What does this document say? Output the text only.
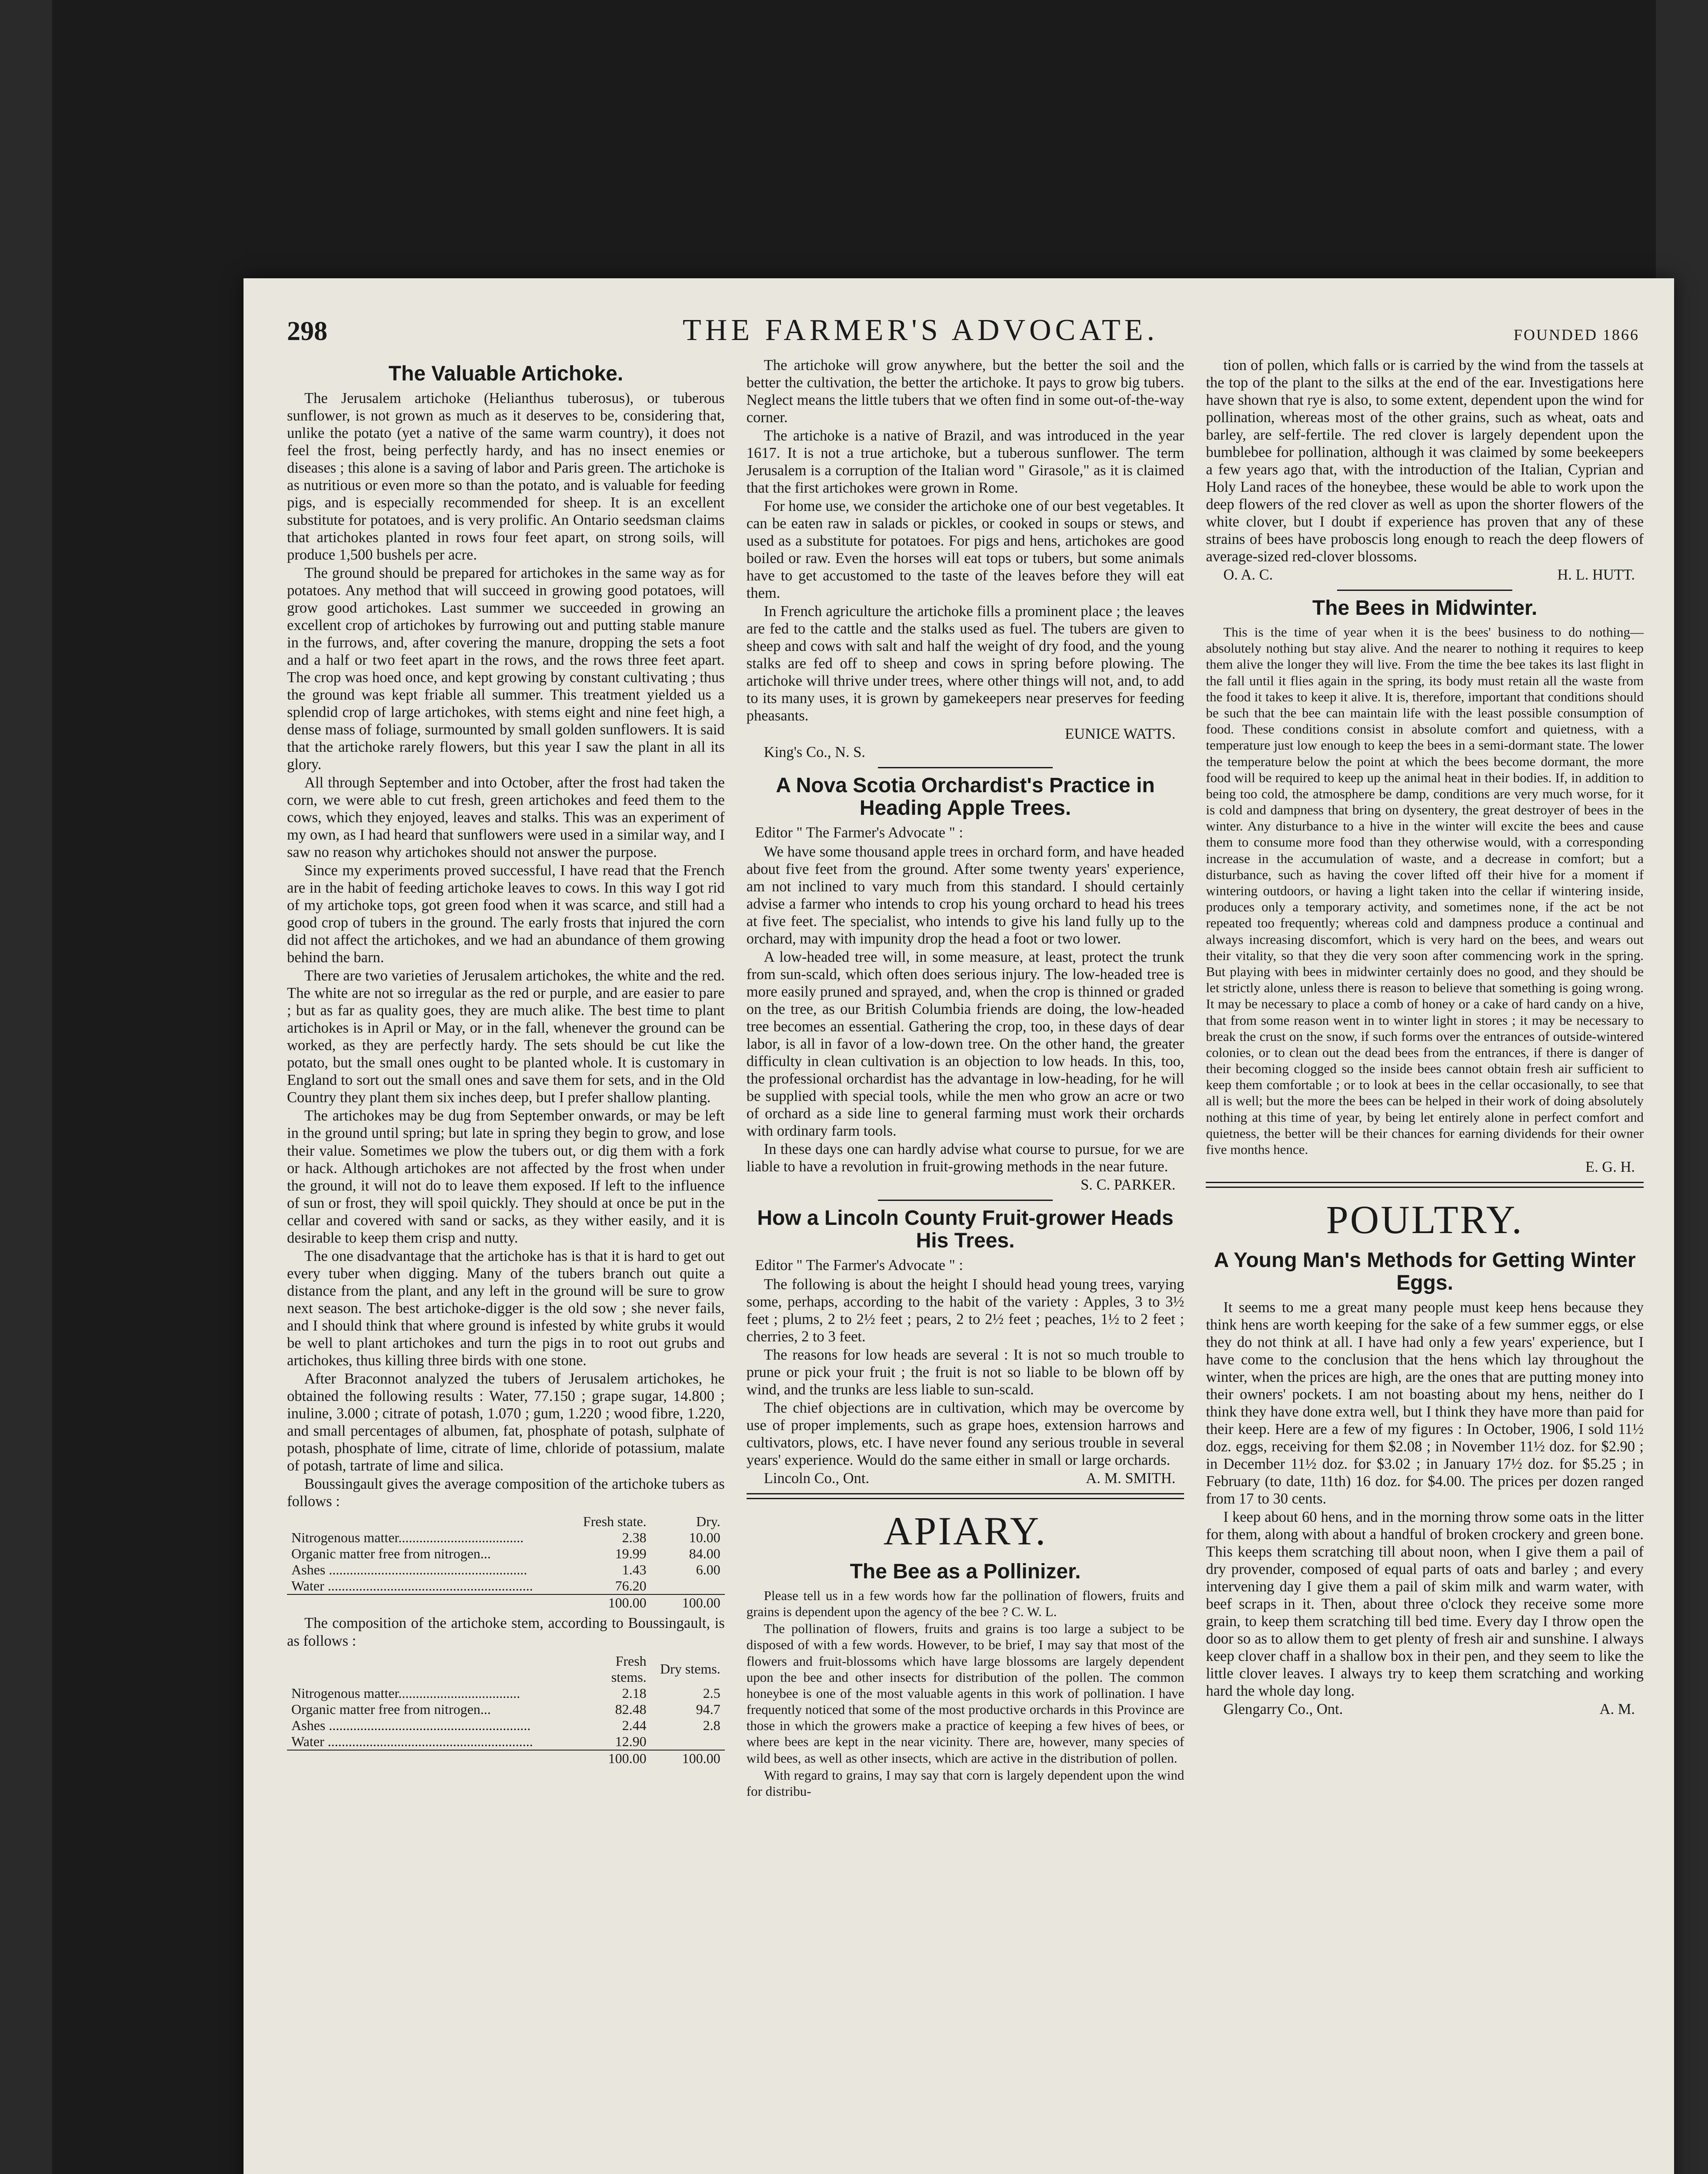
298	THE FARMER'S ADVOCATE.	FOUNDED 1866
The Valuable Artichoke.

The Jerusalem artichoke (Helianthus tuberosus), or tuberous sunflower, is not grown as much as it deserves to be, considering that, unlike the potato (yet a native of the same warm country), it does not feel the frost, being perfectly hardy, and has no insect enemies or diseases ; this alone is a saving of labor and Paris green. The artichoke is as nutritious or even more so than the potato, and is valuable for feeding pigs, and is especially recommended for sheep. It is an excellent substitute for potatoes, and is very prolific. An Ontario seedsman claims that artichokes planted in rows four feet apart, on strong soils, will produce 1,500 bushels per acre.

The ground should be prepared for artichokes in the same way as for potatoes. Any method that will succeed in growing good potatoes, will grow good artichokes. Last summer we succeeded in growing an excellent crop of artichokes by furrowing out and putting stable manure in the furrows, and, after covering the manure, dropping the sets a foot and a half or two feet apart in the rows, and the rows three feet apart. The crop was hoed once, and kept growing by constant cultivating ; thus the ground was kept friable all summer. This treatment yielded us a splendid crop of large artichokes, with stems eight and nine feet high, a dense mass of foliage, surmounted by small golden sunflowers. It is said that the artichoke rarely flowers, but this year I saw the plant in all its glory.

All through September and into October, after the frost had taken the corn, we were able to cut fresh, green artichokes and feed them to the cows, which they enjoyed, leaves and stalks. This was an experiment of my own, as I had heard that sunflowers were used in a similar way, and I saw no reason why artichokes should not answer the purpose.

Since my experiments proved successful, I have read that the French are in the habit of feeding artichoke leaves to cows. In this way I got rid of my artichoke tops, got green food when it was scarce, and still had a good crop of tubers in the ground. The early frosts that injured the corn did not affect the artichokes, and we had an abundance of them growing behind the barn.

There are two varieties of Jerusalem artichokes, the white and the red. The white are not so irregular as the red or purple, and are easier to pare ; but as far as quality goes, they are much alike. The best time to plant artichokes is in April or May, or in the fall, whenever the ground can be worked, as they are perfectly hardy. The sets should be cut like the potato, but the small ones ought to be planted whole. It is customary in England to sort out the small ones and save them for sets, and in the Old Country they plant them six inches deep, but I prefer shallow planting.

The artichokes may be dug from September onwards, or may be left in the ground until spring; but late in spring they begin to grow, and lose their value. Sometimes we plow the tubers out, or dig them with a fork or hack. Although artichokes are not affected by the frost when under the ground, it will not do to leave them exposed. If left to the influence of sun or frost, they will spoil quickly. They should at once be put in the cellar and covered with sand or sacks, as they wither easily, and it is desirable to keep them crisp and nutty.

The one disadvantage that the artichoke has is that it is hard to get out every tuber when digging. Many of the tubers branch out quite a distance from the plant, and any left in the ground will be sure to grow next season. The best artichoke-digger is the old sow ; she never fails, and I should think that where ground is infested by white grubs it would be well to plant artichokes and turn the pigs in to root out grubs and artichokes, thus killing three birds with one stone.

After Braconnot analyzed the tubers of Jerusalem artichokes, he obtained the following results : Water, 77.150 ; grape sugar, 14.800 ; inuline, 3.000 ; citrate of potash, 1.070 ; gum, 1.220 ; wood fibre, 1.220, and small percentages of albumen, fat, phosphate of potash, sulphate of potash, phosphate of lime, citrate of lime, chloride of potassium, malate of potash, tartrate of lime and silica.

Boussingault gives the average composition of the artichoke tubers as follows :

	Fresh state.	Dry.
Nitrogenous matter....................................	2.38	10.00
Organic matter free from nitrogen...	19.99	84.00
Ashes .........................................................	1.43	6.00
Water ...........................................................	76.20	
	100.00	100.00

The composition of the artichoke stem, according to Boussingault, is as follows :

	Fresh stems.	Dry stems.
Nitrogenous matter...................................	2.18	2.5
Organic matter free from nitrogen...	82.48	94.7
Ashes ..........................................................	2.44	2.8
Water ...........................................................	12.90	
	100.00	100.00

The artichoke will grow anywhere, but the better the soil and the better the cultivation, the better the artichoke. It pays to grow big tubers. Neglect means the little tubers that we often find in some out-of-the-way corner.

The artichoke is a native of Brazil, and was introduced in the year 1617. It is not a true artichoke, but a tuberous sunflower. The term Jerusalem is a corruption of the Italian word " Girasole," as it is claimed that the first artichokes were grown in Rome.

For home use, we consider the artichoke one of our best vegetables. It can be eaten raw in salads or pickles, or cooked in soups or stews, and used as a substitute for potatoes. For pigs and hens, artichokes are good boiled or raw. Even the horses will eat tops or tubers, but some animals have to get accustomed to the taste of the leaves before they will eat them.

In French agriculture the artichoke fills a prominent place ; the leaves are fed to the cattle and the stalks used as fuel. The tubers are given to sheep and cows with salt and half the weight of dry food, and the young stalks are fed off to sheep and cows in spring before plowing. The artichoke will thrive under trees, where other things will not, and, to add to its many uses, it is grown by gamekeepers near preserves for feeding pheasants.

EUNICE WATTS.
King's Co., N. S.
A Nova Scotia Orchardist's Practice in Heading Apple Trees.
Editor " The Farmer's Advocate " :

We have some thousand apple trees in orchard form, and have headed about five feet from the ground. After some twenty years' experience, am not inclined to vary much from this standard. I should certainly advise a farmer who intends to crop his young orchard to head his trees at five feet. The specialist, who intends to give his land fully up to the orchard, may with impunity drop the head a foot or two lower.

A low-headed tree will, in some measure, at least, protect the trunk from sun-scald, which often does serious injury. The low-headed tree is more easily pruned and sprayed, and, when the crop is thinned or graded on the tree, as our British Columbia friends are doing, the low-headed tree becomes an essential. Gathering the crop, too, in these days of dear labor, is all in favor of a low-down tree. On the other hand, the greater difficulty in clean cultivation is an objection to low heads. In this, too, the professional orchardist has the advantage in low-heading, for he will be supplied with special tools, while the men who grow an acre or two of orchard as a side line to general farming must work their orchards with ordinary farm tools.

In these days one can hardly advise what course to pursue, for we are liable to have a revolution in fruit-growing methods in the near future.

S. C. PARKER.
How a Lincoln County Fruit-grower Heads His Trees.
Editor " The Farmer's Advocate " :

The following is about the height I should head young trees, varying some, perhaps, according to the habit of the variety : Apples, 3 to 3½ feet ; plums, 2 to 2½ feet ; pears, 2 to 2½ feet ; peaches, 1½ to 2 feet ; cherries, 2 to 3 feet.

The reasons for low heads are several : It is not so much trouble to prune or pick your fruit ; the fruit is not so liable to be blown off by wind, and the trunks are less liable to sun-scald.

The chief objections are in cultivation, which may be overcome by use of proper implements, such as grape hoes, extension harrows and cultivators, plows, etc. I have never found any serious trouble in several years' experience. Would do the same either in small or large orchards.

Lincoln Co., Ont.	A. M. SMITH.
APIARY.
The Bee as a Pollinizer.

Please tell us in a few words how far the pollination of flowers, fruits and grains is dependent upon the agency of the bee ? C. W. L.

The pollination of flowers, fruits and grains is too large a subject to be disposed of with a few words. However, to be brief, I may say that most of the flowers and fruit-blossoms which have large blossoms are largely dependent upon the bee and other insects for distribution of the pollen. The common honeybee is one of the most valuable agents in this work of pollination. I have frequently noticed that some of the most productive orchards in this Province are those in which the growers make a practice of keeping a few hives of bees, or where bees are kept in the near vicinity. There are, however, many species of wild bees, as well as other insects, which are active in the distribution of pollen.

With regard to grains, I may say that corn is largely dependent upon the wind for distribu-

tion of pollen, which falls or is carried by the wind from the tassels at the top of the plant to the silks at the end of the ear. Investigations here have shown that rye is also, to some extent, dependent upon the wind for pollination, whereas most of the other grains, such as wheat, oats and barley, are self-fertile. The red clover is largely dependent upon the bumblebee for pollination, although it was claimed by some beekeepers a few years ago that, with the introduction of the Italian, Cyprian and Holy Land races of the honeybee, these would be able to work upon the deep flowers of the red clover as well as upon the shorter flowers of the white clover, but I doubt if experience has proven that any of these strains of bees have proboscis long enough to reach the deep flowers of average-sized red-clover blossoms.

O. A. C.	H. L. HUTT.
The Bees in Midwinter.

This is the time of year when it is the bees' business to do nothing—absolutely nothing but stay alive. And the nearer to nothing it requires to keep them alive the longer they will live. From the time the bee takes its last flight in the fall until it flies again in the spring, its body must retain all the waste from the food it takes to keep it alive. It is, therefore, important that conditions should be such that the bee can maintain life with the least possible consumption of food. These conditions consist in absolute comfort and quietness, with a temperature just low enough to keep the bees in a semi-dormant state. The lower the temperature below the point at which the bees become dormant, the more food will be required to keep up the animal heat in their bodies. If, in addition to being too cold, the atmosphere be damp, conditions are very much worse, for it is cold and dampness that bring on dysentery, the great destroyer of bees in the winter. Any disturbance to a hive in the winter will excite the bees and cause them to consume more food than they otherwise would, with a corresponding increase in the accumulation of waste, and a decrease in comfort; but a disturbance, such as having the cover lifted off their hive for a moment if wintering outdoors, or having a light taken into the cellar if wintering inside, produces only a temporary activity, and sometimes none, if the act be not repeated too frequently; whereas cold and dampness produce a continual and always increasing discomfort, which is very hard on the bees, and wears out their vitality, so that they die very soon after commencing work in the spring. But playing with bees in midwinter certainly does no good, and they should be let strictly alone, unless there is reason to believe that something is going wrong. It may be necessary to place a comb of honey or a cake of hard candy on a hive, that from some reason went in to winter light in stores ; it may be necessary to break the crust on the snow, if such forms over the entrances of outside-wintered colonies, or to clean out the dead bees from the entrances, if there is danger of their becoming clogged so the inside bees cannot obtain fresh air sufficient to keep them comfortable ; or to look at bees in the cellar occasionally, to see that all is well; but the more the bees can be helped in their work of doing absolutely nothing at this time of year, by being let entirely alone in perfect comfort and quietness, the better will be their chances for earning dividends for their owner five months hence.

E. G. H.
POULTRY.
A Young Man's Methods for Getting Winter Eggs.

It seems to me a great many people must keep hens because they think hens are worth keeping for the sake of a few summer eggs, or else they do not think at all. I have had only a few years' experience, but I have come to the conclusion that the hens which lay throughout the winter, when the prices are high, are the ones that are putting money into their owners' pockets. I am not boasting about my hens, neither do I think they have done extra well, but I think they have more than paid for their keep. Here are a few of my figures : In October, 1906, I sold 11½ doz. eggs, receiving for them $2.08 ; in November 11½ doz. for $2.90 ; in December 11½ doz. for $3.02 ; in January 17½ doz. for $5.25 ; in February (to date, 11th) 16 doz. for $4.00. The prices per dozen ranged from 17 to 30 cents.

I keep about 60 hens, and in the morning throw some oats in the litter for them, along with about a handful of broken crockery and green bone. This keeps them scratching till about noon, when I give them a pail of dry provender, composed of equal parts of oats and barley ; and every intervening day I give them a pail of skim milk and warm water, with beef scraps in it. Then, about three o'clock they receive some more grain, to keep them scratching till bed time. Every day I throw open the door so as to allow them to get plenty of fresh air and sunshine. I always keep clover chaff in a shallow box in their pen, and they seem to like the little clover leaves. I always try to keep them scratching and working hard the whole day long.

Glengarry Co., Ont.	A. M.
